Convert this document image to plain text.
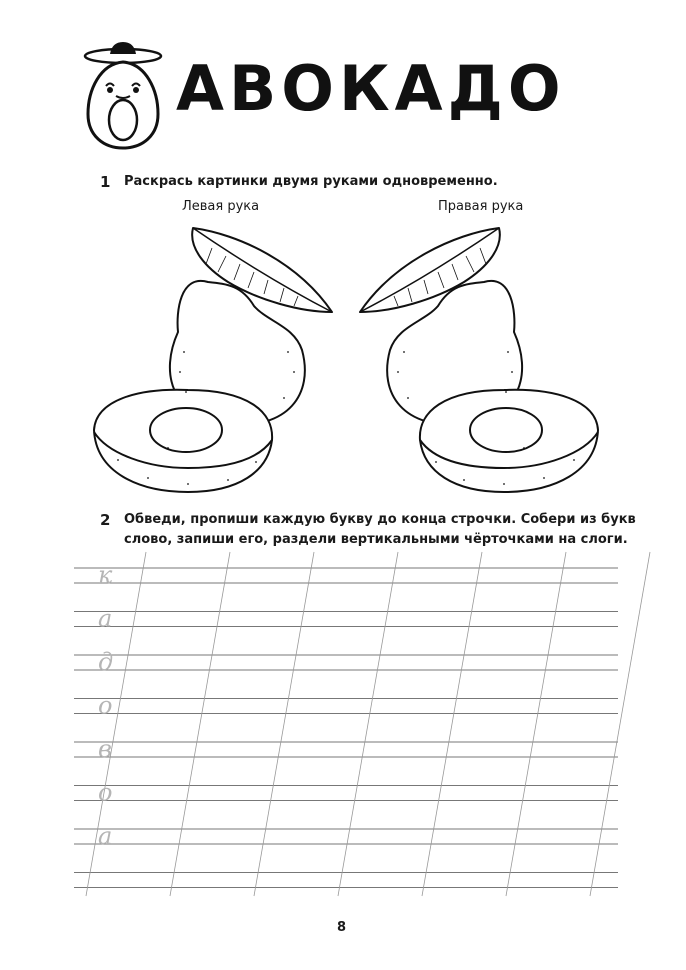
АВОКАДО
1 Раскрась картинки двумя руками одновременно.
Левая рука	Правая рука
2 Обведи, пропиши каждую букву до конца строчки. Собери из букв слово, запиши его, раздели вертикальными чёрточками на слоги.
к
а
д
о
в
о
а
8
